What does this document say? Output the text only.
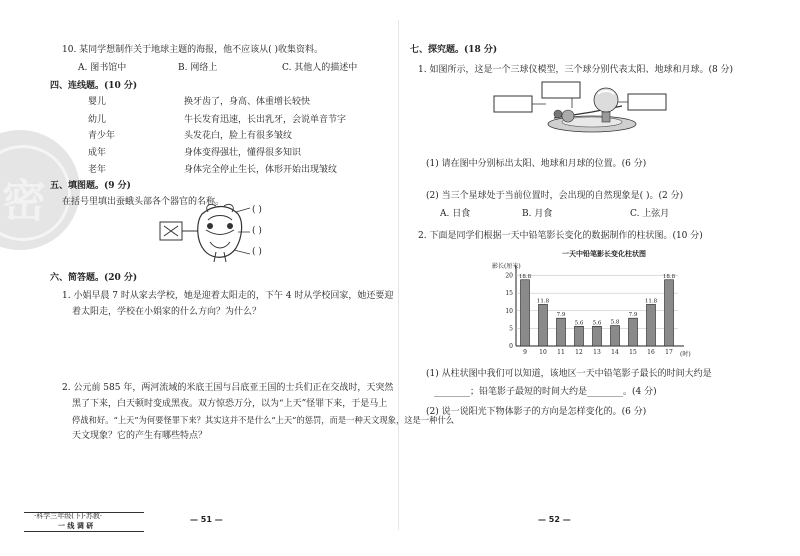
密
10. 某同学想制作关于地球主题的海报，他不应该从( )收集资料。
A. 图书馆中	B. 网络上	C. 其他人的描述中
四、连线题。(10 分)
婴儿
幼儿
青少年
成年
老年
换牙齿了，身高、体重增长较快
牛长发育迅速，长出乳牙，会说单音节字
头发花白，脸上有很多皱纹
身体变得强壮，懂得很多知识
身体完全停止生长，体形开始出现皱纹
五、填图题。(9 分)
在括号里填出蚕蛾头部各个器官的名称。
( )
( )
( )
六、简答题。(20 分)
1. 小娟早晨 7 时从家去学校，她是迎着太阳走的，下午 4 时从学校回家，她还要迎
着太阳走，学校在小娟家的什么方向？为什么？
2. 公元前 585 年，两河流域的米底王国与吕底亚王国的士兵们正在交战时，天突然
黑了下来，白天顿时变成黑夜。双方惊恐万分，以为“上天”怪罪下来，于是马上
停战和好。“上天”为何要怪罪下来？其实这并不是什么“上天”的惩罚，而是一种天文现象，这是一种什么
天文现象？它的产生有哪些特点？
·科学三年级(下)·苏教·
一 线 调 研
— 51 —
七、探究题。(18 分)
1. 如图所示，这是一个三球仪模型，三个球分别代表太阳、地球和月球。(8 分)
(1) 请在图中分别标出太阳、地球和月球的位置。(6 分)
(2) 当三个星球处于当前位置时，会出现的自然现象是( )。(2 分)
A. 日食	B. 月食	C. 上弦月
2. 下面是同学们根据一天中铅笔影长变化的数据制作的柱状图。(10 分)
一天中铅笔影长变化柱状图
影长(厘米)
(时)
0
5
10
15
20 18.8
9
11.8
10
7.9
11
5.6
12
5.6
13
5.8
14
7.9
15
11.8
16
18.8
17
(1) 从柱状图中我们可以知道，该地区一天中铅笔影子最长的时间大约是
________；铅笔影子最短的时间大约是________。(4 分)
(2) 说一说阳光下物体影子的方向是怎样变化的。(6 分)
— 52 —
